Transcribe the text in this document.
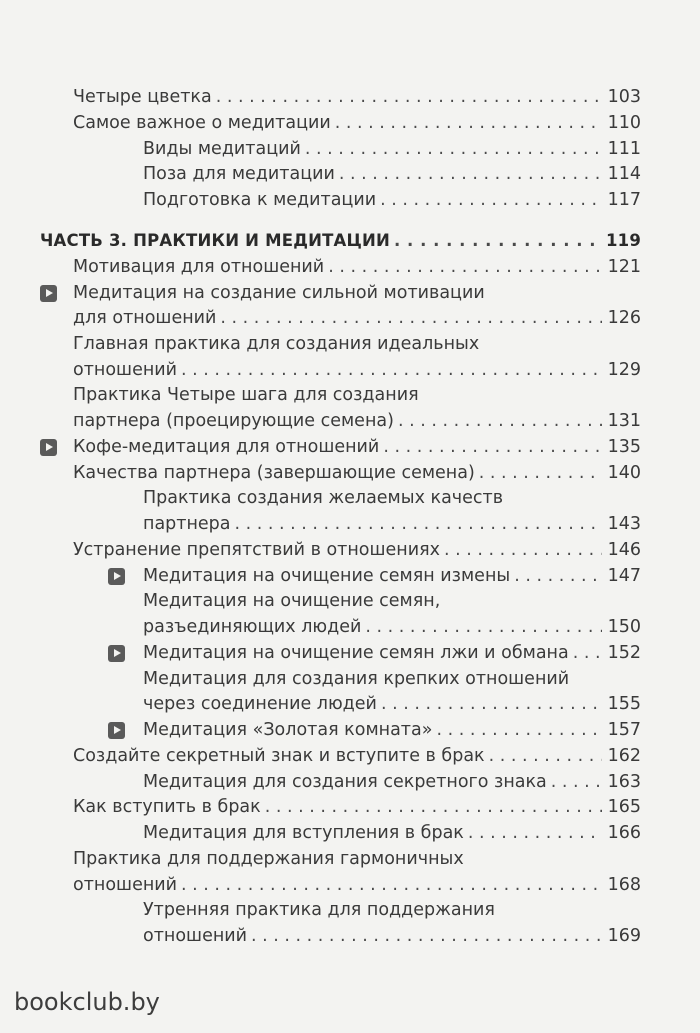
Четыре цветка . . .	103
Самое важное о медитации . . .	110
Виды медитаций . . .	111
Поза для медитации . . .	114
Подготовка к медитации . . .	117
ЧАСТЬ 3. ПРАКТИКИ И МЕДИТАЦИИ . . .	119
Мотивация для отношений . . .	121
Медитация на создание сильной мотивации
для отношений . . .	126
Главная практика для создания идеальных
отношений . . .	129
Практика Четыре шага для создания
партнера (проецирующие семена) . . .	131
Кофе-медитация для отношений . . .	135
Качества партнера (завершающие семена) . . .	140
Практика создания желаемых качеств
партнера . . .	143
Устранение препятствий в отношениях . . .	146
Медитация на очищение семян измены . . .	147
Медитация на очищение семян,
разъединяющих людей . . .	150
Медитация на очищение семян лжи и обмана . . . 152
Медитация для создания крепких отношений
через соединение людей . . .	155
Медитация «Золотая комната» . . .	157
Создайте секретный знак и вступите в брак . . .	162
Медитация для создания секретного знака . . .	163
Как вступить в брак . . .	165
Медитация для вступления в брак . . .	166
Практика для поддержания гармоничных
отношений . . .	168
Утренняя практика для поддержания
отношений . . .	169
bookclub.by
